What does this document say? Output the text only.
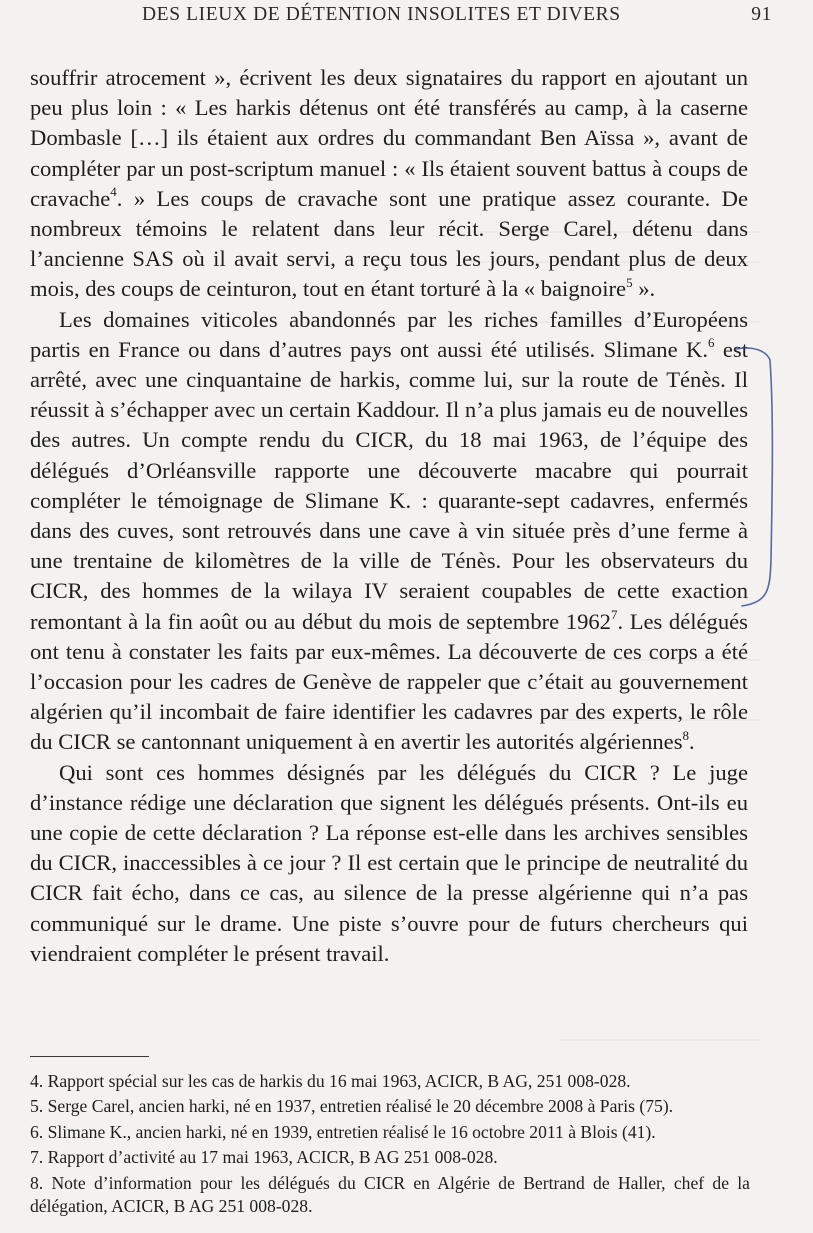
DES LIEUX DE DÉTENTION INSOLITES ET DIVERS	91

souffrir atrocement », écrivent les deux signataires du rapport en ajoutant un peu plus loin : « Les harkis détenus ont été transférés au camp, à la caserne Dombasle […] ils étaient aux ordres du commandant Ben Aïssa », avant de compléter par un post-scriptum manuel : « Ils étaient souvent battus à coups de cravache$^4$. » Les coups de cravache sont une pratique assez courante. De nombreux témoins le relatent dans leur récit. Serge Carel, détenu dans l’ancienne SAS où il avait servi, a reçu tous les jours, pendant plus de deux mois, des coups de ceinturon, tout en étant torturé à la « baignoire$^5$ ».

Les domaines viticoles abandonnés par les riches familles d’Européens partis en France ou dans d’autres pays ont aussi été utilisés. Slimane K.$^6$ est arrêté, avec une cinquantaine de harkis, comme lui, sur la route de Ténès. Il réussit à s’échapper avec un certain Kaddour. Il n’a plus jamais eu de nouvelles des autres. Un compte rendu du CICR, du 18 mai 1963, de l’équipe des délégués d’Orléansville rapporte une découverte macabre qui pourrait compléter le témoignage de Slimane K. : quarante-sept cadavres, enfermés dans des cuves, sont retrouvés dans une cave à vin située près d’une ferme à une trentaine de kilomètres de la ville de Ténès. Pour les observateurs du CICR, des hommes de la wilaya IV seraient coupables de cette exaction remontant à la fin août ou au début du mois de septembre 1962$^7$. Les délégués ont tenu à constater les faits par eux-mêmes. La découverte de ces corps a été l’occasion pour les cadres de Genève de rappeler que c’était au gouvernement algérien qu’il incombait de faire identifier les cadavres par des experts, le rôle du CICR se cantonnant uniquement à en avertir les autorités algériennes$^8$.

Qui sont ces hommes désignés par les délégués du CICR ? Le juge d’instance rédige une déclaration que signent les délégués présents. Ont-ils eu une copie de cette déclaration ? La réponse est-elle dans les archives sensibles du CICR, inaccessibles à ce jour ? Il est certain que le principe de neutralité du CICR fait écho, dans ce cas, au silence de la presse algérienne qui n’a pas communiqué sur le drame. Une piste s’ouvre pour de futurs chercheurs qui viendraient compléter le présent travail.

4. Rapport spécial sur les cas de harkis du 16 mai 1963, ACICR, B AG, 251 008-028.

5. Serge Carel, ancien harki, né en 1937, entretien réalisé le 20 décembre 2008 à Paris (75).

6. Slimane K., ancien harki, né en 1939, entretien réalisé le 16 octobre 2011 à Blois (41).

7. Rapport d’activité au 17 mai 1963, ACICR, B AG 251 008-028.

8. Note d’information pour les délégués du CICR en Algérie de Bertrand de Haller, chef de la délégation, ACICR, B AG 251 008-028.
